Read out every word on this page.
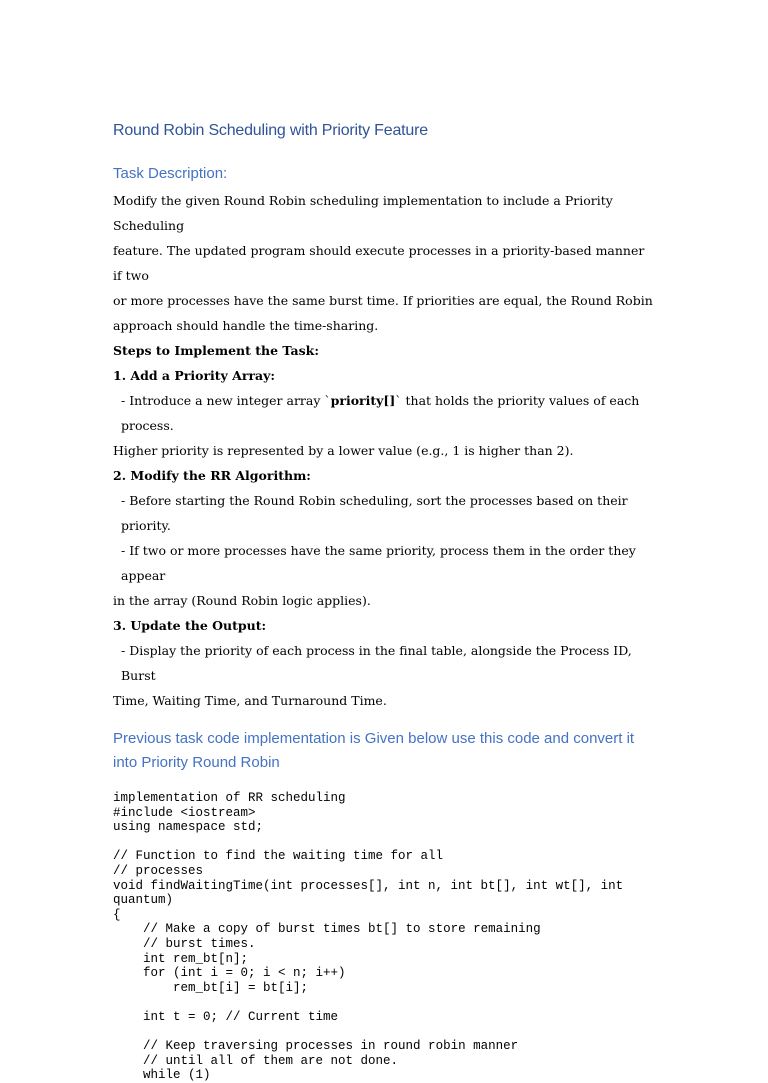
Round Robin Scheduling with Priority Feature
Task Description:

Modify the given Round Robin scheduling implementation to include a Priority Scheduling

feature. The updated program should execute processes in a priority-based manner if two

or more processes have the same burst time. If priorities are equal, the Round Robin

approach should handle the time-sharing.

Steps to Implement the Task:

1. Add a Priority Array:

- Introduce a new integer array `priority[]` that holds the priority values of each process.

Higher priority is represented by a lower value (e.g., 1 is higher than 2).

2. Modify the RR Algorithm:

- Before starting the Round Robin scheduling, sort the processes based on their priority.

- If two or more processes have the same priority, process them in the order they appear

in the array (Round Robin logic applies).

3. Update the Output:

- Display the priority of each process in the final table, alongside the Process ID, Burst

Time, Waiting Time, and Turnaround Time.

Previous task code implementation is Given below use this code and convert it into Priority Round Robin
implementation of RR scheduling
#include <iostream>
using namespace std;

// Function to find the waiting time for all
// processes
void findWaitingTime(int processes[], int n, int bt[], int wt[], int
quantum)
{
// Make a copy of burst times bt[] to store remaining
// burst times.
int rem_bt[n];
for (int i = 0; i < n; i++)
rem_bt[i] = bt[i];

int t = 0; // Current time

// Keep traversing processes in round robin manner
// until all of them are not done.
while (1)
